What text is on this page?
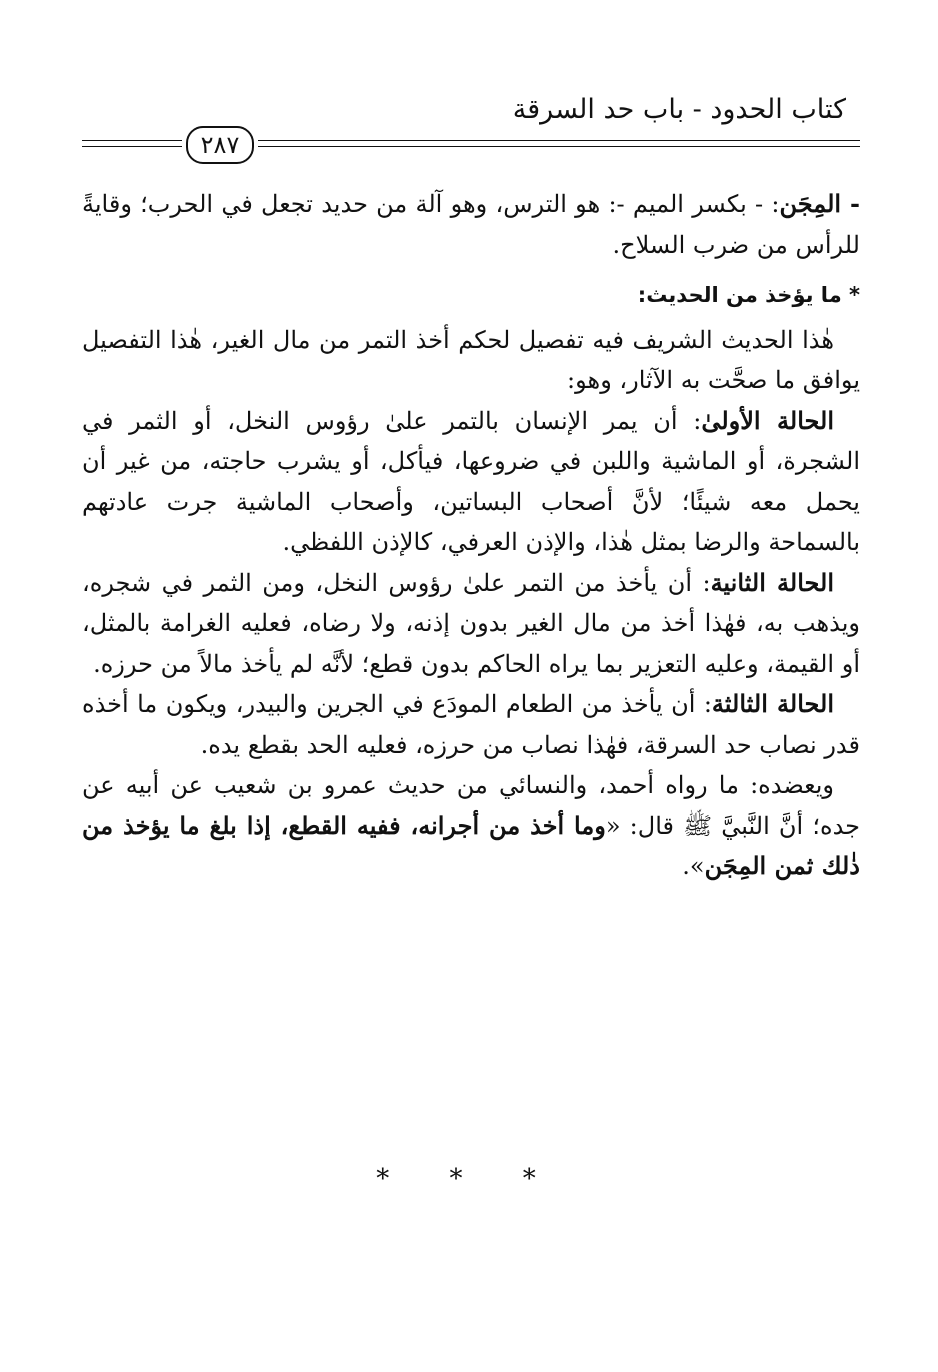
كتاب الحدود - باب حد السرقة
٢٨٧

- المِجَن: - بكسر الميم -: هو الترس، وهو آلة من حديد تجعل في الحرب؛ وقايةً للرأس من ضرب السلاح.

* ما يؤخذ من الحديث:

هٰذا الحديث الشريف فيه تفصيل لحكم أخذ التمر من مال الغير، هٰذا التفصيل يوافق ما صحَّت به الآثار، وهو:

الحالة الأولىٰ: أن يمر الإنسان بالتمر علىٰ رؤوس النخل، أو الثمر في الشجرة، أو الماشية واللبن في ضروعها، فيأكل، أو يشرب حاجته، من غير أن يحمل معه شيئًا؛ لأنَّ أصحاب البساتين، وأصحاب الماشية جرت عادتهم بالسماحة والرضا بمثل هٰذا، والإذن العرفي، كالإذن اللفظي.

الحالة الثانية: أن يأخذ من التمر علىٰ رؤوس النخل، ومن الثمر في شجره، ويذهب به، فهٰذا أخذ من مال الغير بدون إذنه، ولا رضاه، فعليه الغرامة بالمثل، أو القيمة، وعليه التعزير بما يراه الحاكم بدون قطع؛ لأنَّه لم يأخذ مالاً من حرزه.

الحالة الثالثة: أن يأخذ من الطعام المودَع في الجرين والبيدر، ويكون ما أخذه قدر نصاب حد السرقة، فهٰذا نصاب من حرزه، فعليه الحد بقطع يده.

ويعضده: ما رواه أحمد، والنسائي من حديث عمرو بن شعيب عن أبيه عن جده؛ أنَّ النَّبيَّ ﷺ قال: «وما أخذ من أجرانه، ففيه القطع، إذا بلغ ما يؤخذ من ذٰلك ثمن المِجَن».

* * *
